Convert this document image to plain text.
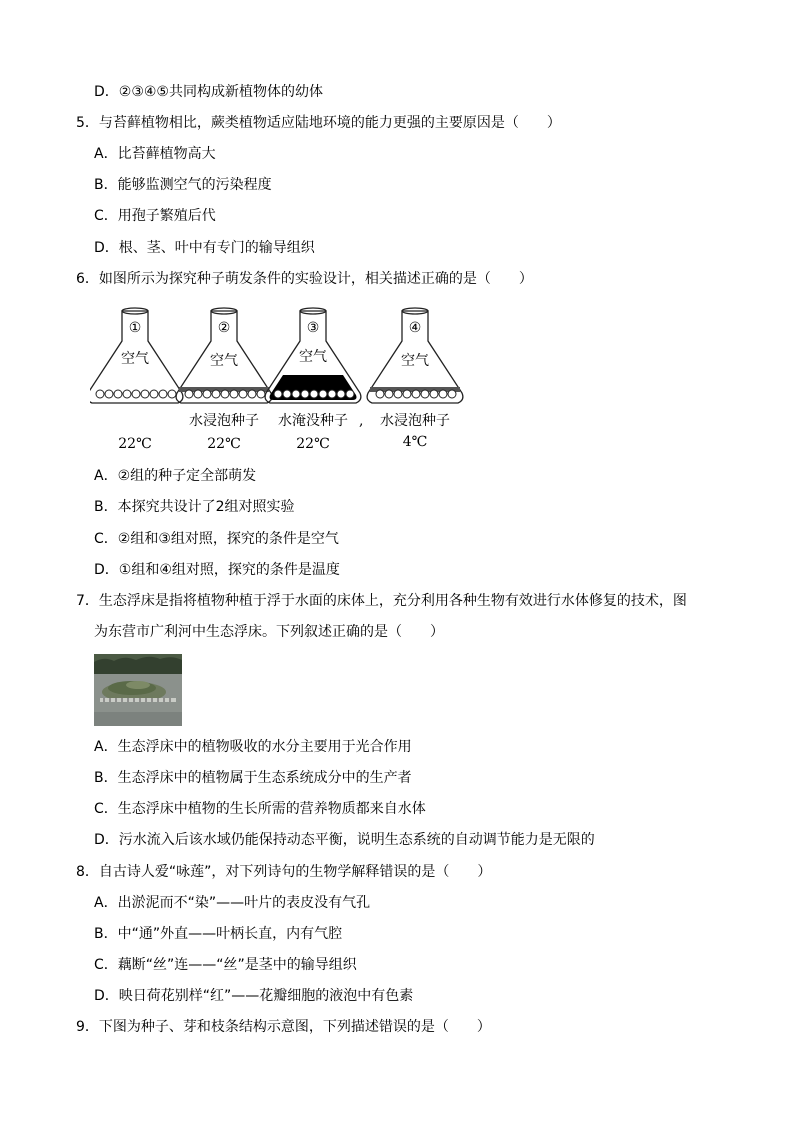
D．②③④⑤共同构成新植物体的幼体
5．与苔藓植物相比，蕨类植物适应陆地环境的能力更强的主要原因是（　　）
A．比苔藓植物高大
B．能够监测空气的污染程度
C．用孢子繁殖后代
D．根、茎、叶中有专门的输导组织
6．如图所示为探究种子萌发条件的实验设计，相关描述正确的是（　　）
①
空气
22℃
②
空气
水浸泡种子
22℃
③
空气
水淹没种子
22℃
,
④
空气
水浸泡种子
4℃
A．②组的种子定全部萌发
B．本探究共设计了2组对照实验
C．②组和③组对照，探究的条件是空气
D．①组和④组对照，探究的条件是温度
7．生态浮床是指将植物种植于浮于水面的床体上，充分利用各种生物有效进行水体修复的技术，图
为东营市广利河中生态浮床。下列叙述正确的是（　　）
A．生态浮床中的植物吸收的水分主要用于光合作用
B．生态浮床中的植物属于生态系统成分中的生产者
C．生态浮床中植物的生长所需的营养物质都来自水体
D．污水流入后该水域仍能保持动态平衡，说明生态系统的自动调节能力是无限的
8．自古诗人爱“咏莲”，对下列诗句的生物学解释错误的是（　　）
A．出淤泥而不“染”——叶片的表皮没有气孔
B．中“通”外直——叶柄长直，内有气腔
C．藕断“丝”连——“丝”是茎中的输导组织
D．映日荷花别样“红”——花瓣细胞的液泡中有色素
9．下图为种子、芽和枝条结构示意图，下列描述错误的是（　　）
